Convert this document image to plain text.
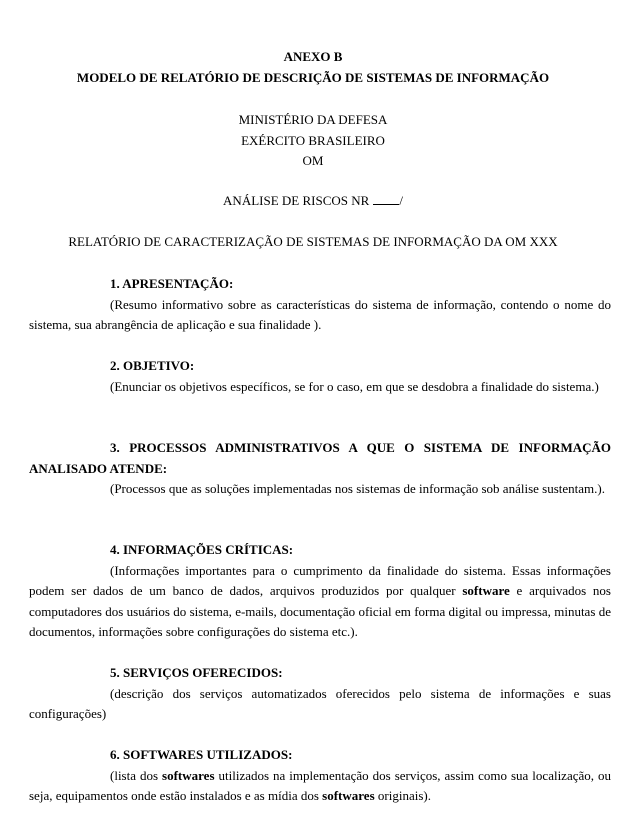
ANEXO B

MODELO DE RELATÓRIO DE DESCRIÇÃO DE SISTEMAS DE INFORMAÇÃO

MINISTÉRIO DA DEFESA

EXÉRCITO BRASILEIRO

OM

ANÁLISE DE RISCOS NR /

RELATÓRIO DE CARACTERIZAÇÃO DE SISTEMAS DE INFORMAÇÃO DA OM XXX

1. APRESENTAÇÃO:

(Resumo informativo sobre as características do sistema de informação, contendo o nome do sistema, sua abrangência de aplicação e sua finalidade ).

2. OBJETIVO:

(Enunciar os objetivos específicos, se for o caso, em que se desdobra a finalidade do sistema.)

3. PROCESSOS ADMINISTRATIVOS A QUE O SISTEMA DE INFORMAÇÃO ANALISADO ATENDE:

(Processos que as soluções implementadas nos sistemas de informação sob análise sustentam.).

4. INFORMAÇÕES CRÍTICAS:

(Informações importantes para o cumprimento da finalidade do sistema. Essas informações podem ser dados de um banco de dados, arquivos produzidos por qualquer software e arquivados nos computadores dos usuários do sistema, e-mails, documentação oficial em forma digital ou impressa, minutas de documentos, informações sobre configurações do sistema etc.).

5. SERVIÇOS OFERECIDOS:

(descrição dos serviços automatizados oferecidos pelo sistema de informações e suas configurações)

6. SOFTWARES UTILIZADOS:

(lista dos softwares utilizados na implementação dos serviços, assim como sua localização, ou seja, equipamentos onde estão instalados e as mídia dos softwares originais).
